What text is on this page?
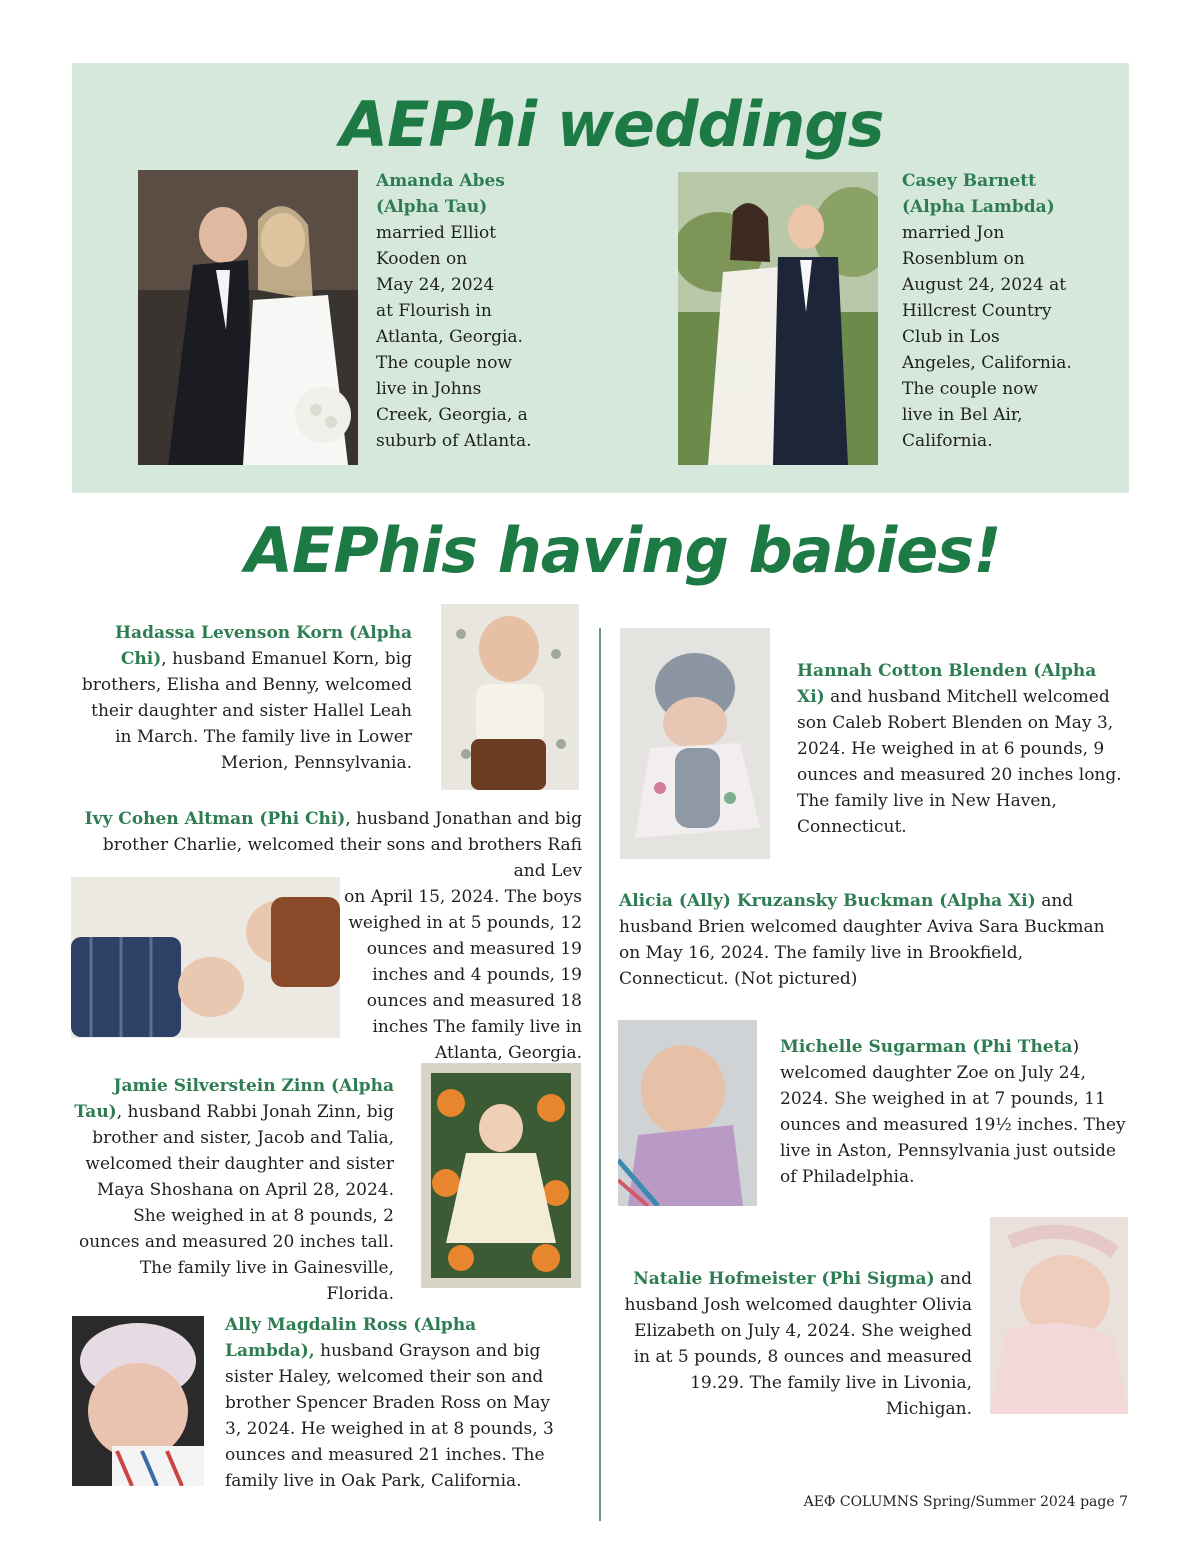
AEPhi weddings
Amanda Abes
(Alpha Tau)
married Elliot
Kooden on
May 24, 2024
at Flourish in
Atlanta, Georgia.
The couple now
live in Johns
Creek, Georgia, a
suburb of Atlanta.
Casey Barnett
(Alpha Lambda)
married Jon
Rosenblum on
August 24, 2024 at
Hillcrest Country
Club in Los
Angeles, California.
The couple now
live in Bel Air,
California.
AEPhis having babies!
Hadassa Levenson Korn (Alpha Chi), husband Emanuel Korn, big brothers, Elisha and Benny, welcomed their daughter and sister Hallel Leah in March. The family live in Lower Merion, Pennsylvania.
Ivy Cohen Altman (Phi Chi), husband Jonathan and big
brother Charlie, welcomed their sons and brothers Rafi and Lev
on April 15, 2024. The boys
weighed in at 5 pounds, 12
ounces and measured 19
inches and 4 pounds, 19
ounces and measured 18
inches The family live in
Atlanta, Georgia.
Jamie Silverstein Zinn (Alpha Tau), husband Rabbi Jonah Zinn, big brother and sister, Jacob and Talia, welcomed their daughter and sister Maya Shoshana on April 28, 2024. She weighed in at 8 pounds, 2 ounces and measured 20 inches tall. The family live in Gainesville, Florida.
Ally Magdalin Ross (Alpha Lambda), husband Grayson and big sister Haley, welcomed their son and brother Spencer Braden Ross on May 3, 2024. He weighed in at 8 pounds, 3 ounces and measured 21 inches. The family live in Oak Park, California.
Hannah Cotton Blenden (Alpha Xi) and husband Mitchell welcomed son Caleb Robert Blenden on May 3, 2024. He weighed in at 6 pounds, 9 ounces and measured 20 inches long. The family live in New Haven, Connecticut.
Alicia (Ally) Kruzansky Buckman (Alpha Xi) and husband Brien welcomed daughter Aviva Sara Buckman on May 16, 2024. The family live in Brookfield, Connecticut. (Not pictured)
Michelle Sugarman (Phi Theta) welcomed daughter Zoe on July 24, 2024. She weighed in at 7 pounds, 11 ounces and measured 19½ inches. They live in Aston, Pennsylvania just outside of Philadelphia.
Natalie Hofmeister (Phi Sigma) and husband Josh welcomed daughter Olivia Elizabeth on July 4, 2024. She weighed in at 5 pounds, 8 ounces and measured 19.29. The family live in Livonia, Michigan.
AEΦ COLUMNS Spring/Summer 2024 page 7
